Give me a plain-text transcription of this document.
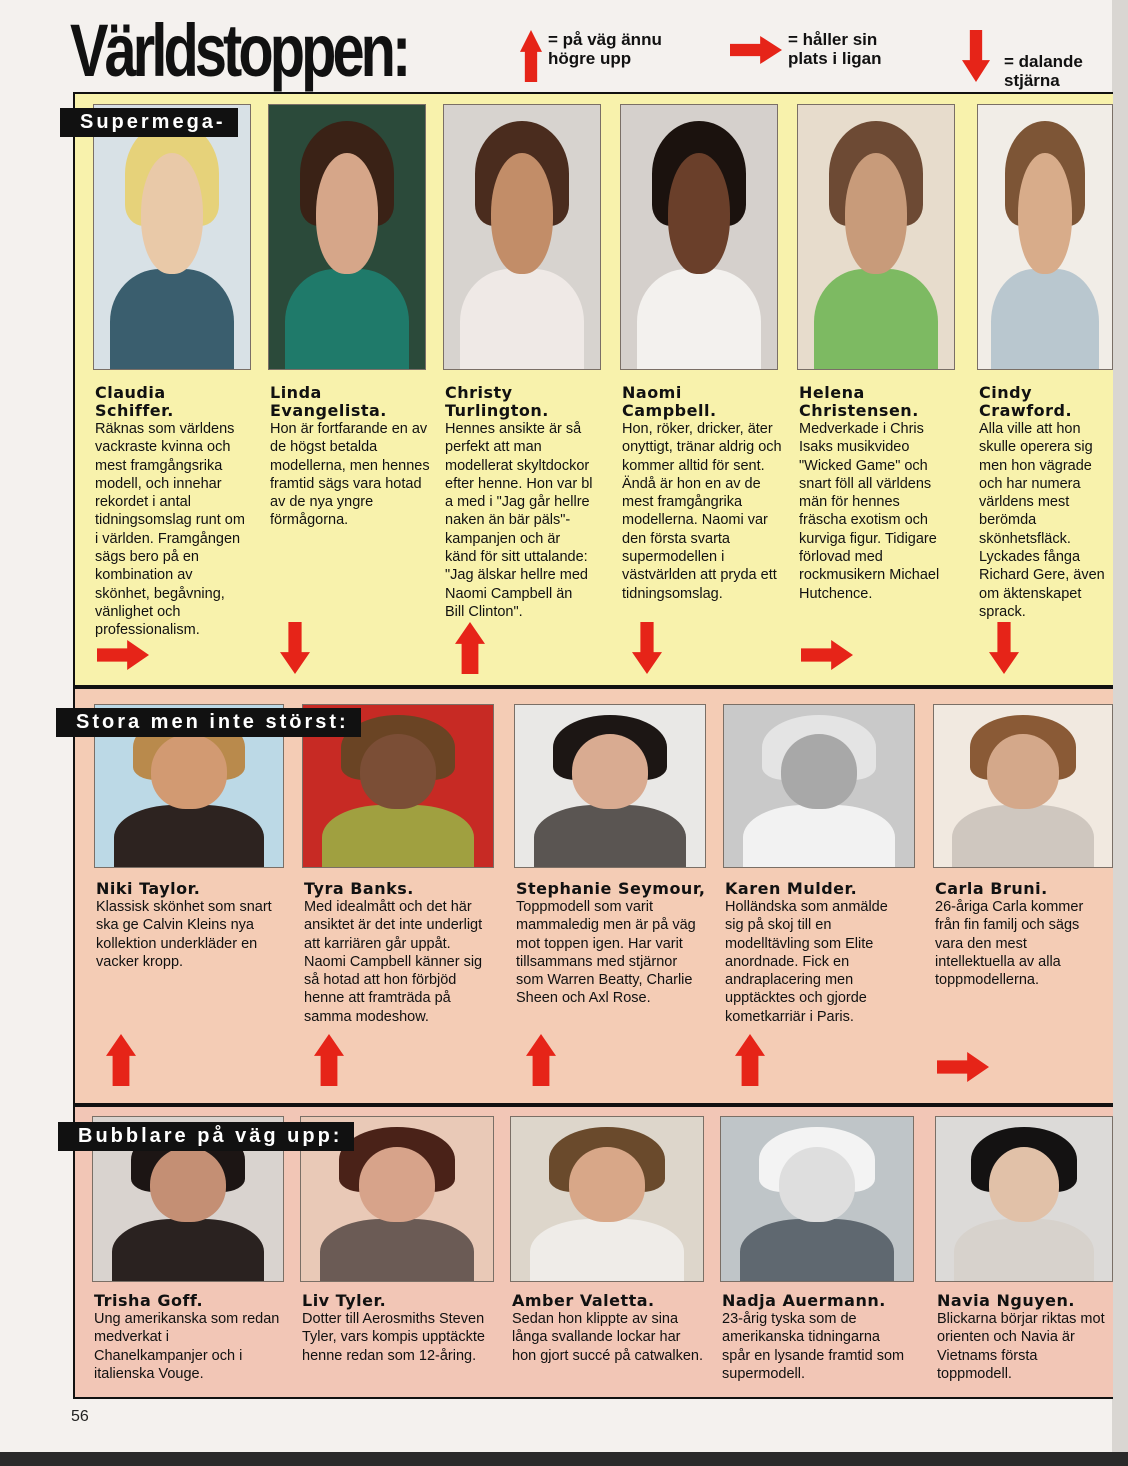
Världstoppen:	= på väg ännu högre upp
= håller sin plats i ligan	= dalande stjärna
Supermega-
Stora men inte störst:
Bubblare på väg upp:
Claudia Schiffer.
Räknas som världens vackraste kvinna och mest framgångsrika modell, och innehar rekordet i antal tidningsomslag runt om i världen. Framgången sägs bero på en kombination av skönhet, begåvning, vänlighet och professionalism.
Linda Evangelista.
Hon är fortfarande en av de högst betalda modellerna, men hennes framtid sägs vara hotad av de nya yngre förmågorna.
Christy Turlington.
Hennes ansikte är så perfekt att man modellerat skyltdockor efter henne. Hon var bl a med i "Jag går hellre naken än bär päls"-kampanjen och är känd för sitt uttalande: "Jag älskar hellre med Naomi Campbell än Bill Clinton".
Naomi Campbell.
Hon, röker, dricker, äter onyttigt, tränar aldrig och kommer alltid för sent. Ändå är hon en av de mest framgångrika modellerna. Naomi var den första svarta supermodellen i västvärlden att pryda ett tidningsomslag.
Helena Christensen.
Medverkade i Chris Isaks musikvideo "Wicked Game" och snart föll all världens män för hennes fräscha exotism och kurviga figur. Tidigare förlovad med rockmusikern Michael Hutchence.
Cindy Crawford.
Alla ville att hon skulle operera sig men hon vägrade och har numera världens mest berömda skönhetsfläck. Lyckades fånga Richard Gere, även om äktenskapet sprack.
Niki Taylor.
Klassisk skönhet som snart ska ge Calvin Kleins nya kollektion underkläder en vacker kropp.
Tyra Banks.
Med idealmått och det här ansiktet är det inte underligt att karriären går uppåt. Naomi Campbell känner sig så hotad att hon förbjöd henne att framträda på samma modeshow.
Stephanie Seymour,
Toppmodell som varit mammaledig men är på väg mot toppen igen. Har varit tillsammans med stjärnor som Warren Beatty, Charlie Sheen och Axl Rose.
Karen Mulder.
Holländska som anmälde sig på skoj till en modelltävling som Elite anordnade. Fick en andraplacering men upptäcktes och gjorde kometkarriär i Paris.
Carla Bruni.
26-åriga Carla kommer från fin familj och sägs vara den mest intellektuella av alla toppmodellerna.
Trisha Goff.
Ung amerikanska som redan medverkat i Chanelkampanjer och i italienska Vouge.
Liv Tyler.
Dotter till Aerosmiths Steven Tyler, vars kompis upptäckte henne redan som 12-åring.
Amber Valetta.
Sedan hon klippte av sina långa svallande lockar har hon gjort succé på catwalken.
Nadja Auermann.
23-årig tyska som de amerikanska tidningarna spår en lysande framtid som supermodell.
Navia Nguyen.
Blickarna börjar riktas mot orienten och Navia är Vietnams första toppmodell.
56
